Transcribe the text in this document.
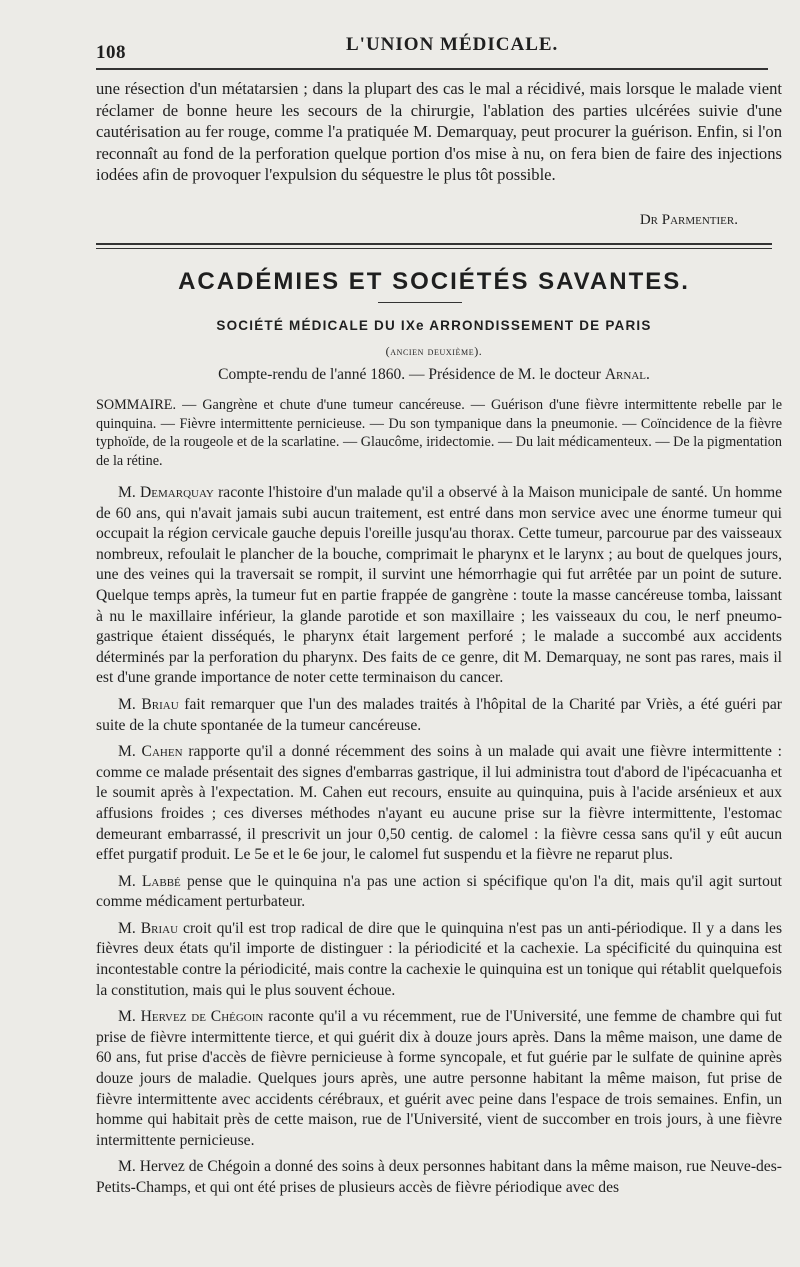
108	L'UNION MÉDICALE.

une résection d'un métatarsien ; dans la plupart des cas le mal a récidivé, mais lorsque le malade vient réclamer de bonne heure les secours de la chirurgie, l'ablation des parties ulcérées suivie d'une cautérisation au fer rouge, comme l'a pratiquée M. Demarquay, peut procurer la guérison. Enfin, si l'on reconnaît au fond de la perforation quelque portion d'os mise à nu, on fera bien de faire des injections iodées afin de provoquer l'expulsion du séquestre le plus tôt possible.

Dr Parmentier.
ACADÉMIES ET SOCIÉTÉS SAVANTES.
SOCIÉTÉ MÉDICALE DU IXe ARRONDISSEMENT DE PARIS
(ancien deuxième).
Compte-rendu de l'anné 1860. — Présidence de M. le docteur Arnal.

SOMMAIRE. — Gangrène et chute d'une tumeur cancéreuse. — Guérison d'une fièvre intermittente rebelle par le quinquina. — Fièvre intermittente pernicieuse. — Du son tympanique dans la pneumonie. — Coïncidence de la fièvre typhoïde, de la rougeole et de la scarlatine. — Glaucôme, iridectomie. — Du lait médicamenteux. — De la pigmentation de la rétine.

M. Demarquay raconte l'histoire d'un malade qu'il a observé à la Maison municipale de santé. Un homme de 60 ans, qui n'avait jamais subi aucun traitement, est entré dans mon service avec une énorme tumeur qui occupait la région cervicale gauche depuis l'oreille jusqu'au thorax. Cette tumeur, parcourue par des vaisseaux nombreux, refoulait le plancher de la bouche, comprimait le pharynx et le larynx ; au bout de quelques jours, une des veines qui la traversait se rompit, il survint une hémorrhagie qui fut arrêtée par un point de suture. Quelque temps après, la tumeur fut en partie frappée de gangrène : toute la masse cancéreuse tomba, laissant à nu le maxillaire inférieur, la glande parotide et son maxillaire ; les vaisseaux du cou, le nerf pneumo-gastrique étaient disséqués, le pharynx était largement perforé ; le malade a succombé aux accidents déterminés par la perforation du pharynx. Des faits de ce genre, dit M. Demarquay, ne sont pas rares, mais il est d'une grande importance de noter cette terminaison du cancer.

M. Briau fait remarquer que l'un des malades traités à l'hôpital de la Charité par Vriès, a été guéri par suite de la chute spontanée de la tumeur cancéreuse.

M. Cahen rapporte qu'il a donné récemment des soins à un malade qui avait une fièvre intermittente : comme ce malade présentait des signes d'embarras gastrique, il lui administra tout d'abord de l'ipécacuanha et le soumit après à l'expectation. M. Cahen eut recours, ensuite au quinquina, puis à l'acide arsénieux et aux affusions froides ; ces diverses méthodes n'ayant eu aucune prise sur la fièvre intermittente, l'estomac demeurant embarrassé, il prescrivit un jour 0,50 centig. de calomel : la fièvre cessa sans qu'il y eût aucun effet purgatif produit. Le 5e et le 6e jour, le calomel fut suspendu et la fièvre ne reparut plus.

M. Labbé pense que le quinquina n'a pas une action si spécifique qu'on l'a dit, mais qu'il agit surtout comme médicament perturbateur.

M. Briau croit qu'il est trop radical de dire que le quinquina n'est pas un anti-périodique. Il y a dans les fièvres deux états qu'il importe de distinguer : la périodicité et la cachexie. La spécificité du quinquina est incontestable contre la périodicité, mais contre la cachexie le quinquina est un tonique qui rétablit quelquefois la constitution, mais qui le plus souvent échoue.

M. Hervez de Chégoin raconte qu'il a vu récemment, rue de l'Université, une femme de chambre qui fut prise de fièvre intermittente tierce, et qui guérit dix à douze jours après. Dans la même maison, une dame de 60 ans, fut prise d'accès de fièvre pernicieuse à forme syncopale, et fut guérie par le sulfate de quinine après douze jours de maladie. Quelques jours après, une autre personne habitant la même maison, fut prise de fièvre intermittente avec accidents cérébraux, et guérit avec peine dans l'espace de trois semaines. Enfin, un homme qui habitait près de cette maison, rue de l'Université, vient de succomber en trois jours, à une fièvre intermittente pernicieuse.

M. Hervez de Chégoin a donné des soins à deux personnes habitant dans la même maison, rue Neuve-des-Petits-Champs, et qui ont été prises de plusieurs accès de fièvre périodique avec des
